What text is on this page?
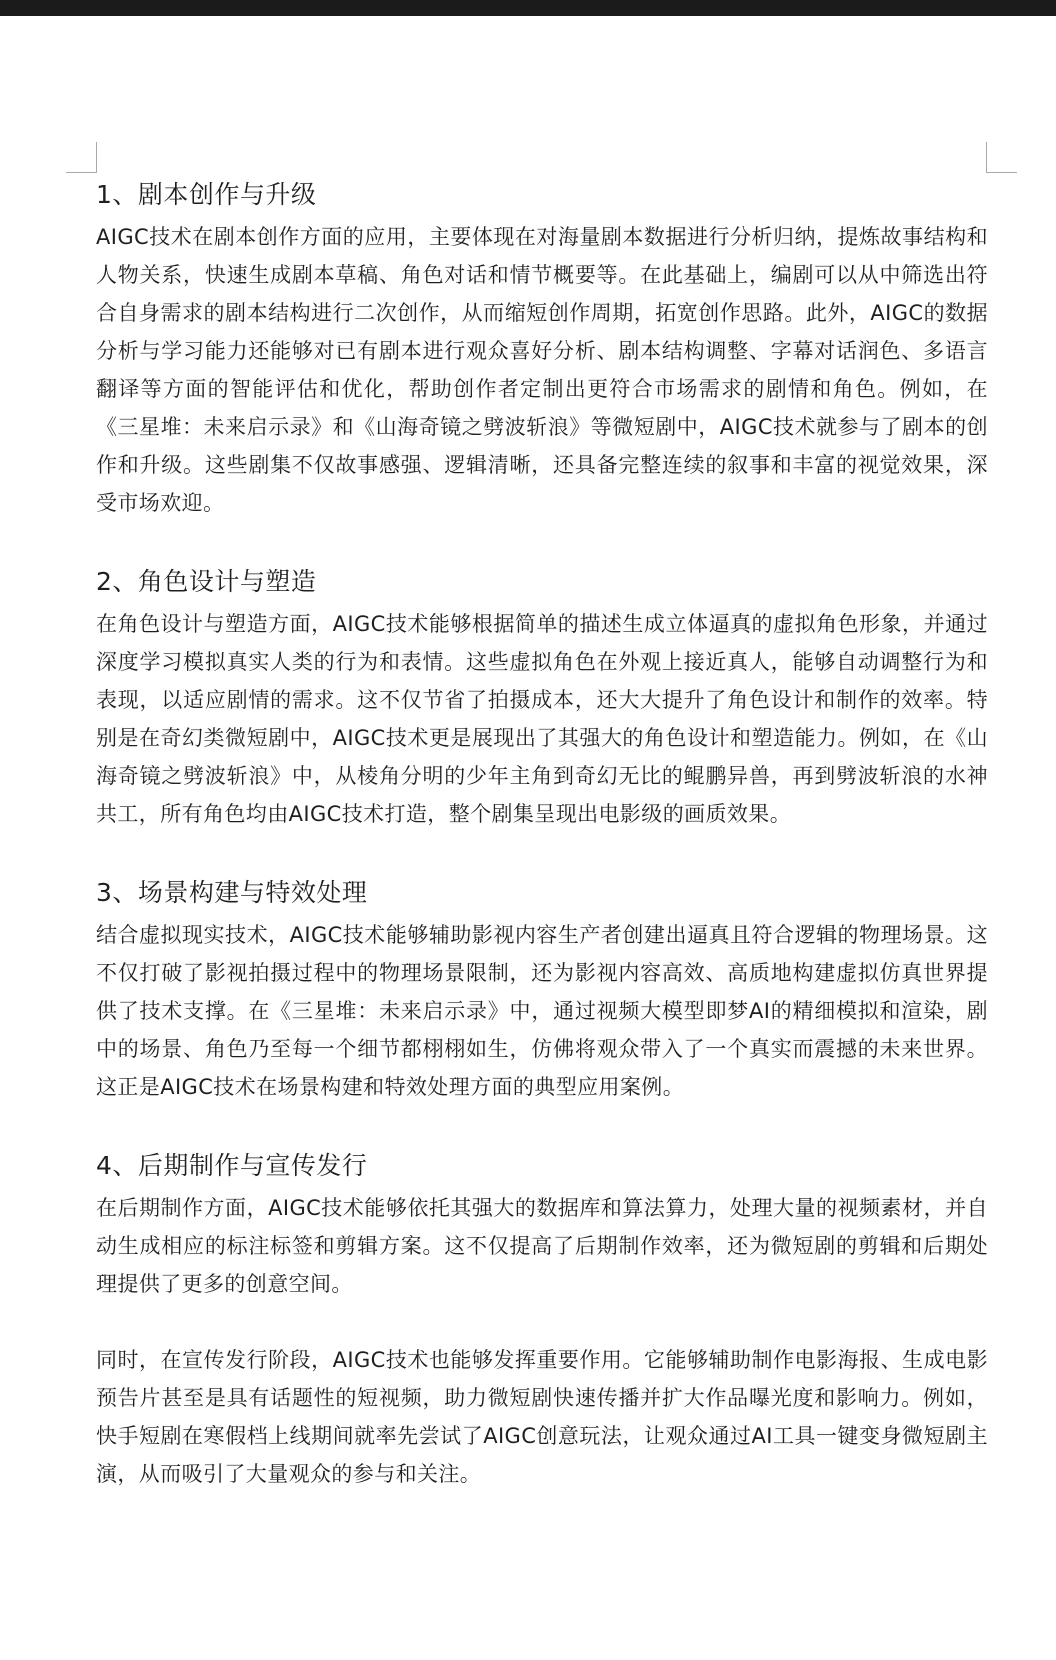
1、剧本创作与升级

AIGC技术在剧本创作方面的应用，主要体现在对海量剧本数据进行分析归纳，提炼故事结构和人物关系，快速生成剧本草稿、角色对话和情节概要等。在此基础上，编剧可以从中筛选出符合自身需求的剧本结构进行二次创作，从而缩短创作周期，拓宽创作思路。此外，AIGC的数据分析与学习能力还能够对已有剧本进行观众喜好分析、剧本结构调整、字幕对话润色、多语言翻译等方面的智能评估和优化，帮助创作者定制出更符合市场需求的剧情和角色。例如，在《三星堆：未来启示录》和《山海奇镜之劈波斩浪》等微短剧中，AIGC技术就参与了剧本的创作和升级。这些剧集不仅故事感强、逻辑清晰，还具备完整连续的叙事和丰富的视觉效果，深受市场欢迎。

2、角色设计与塑造

在角色设计与塑造方面，AIGC技术能够根据简单的描述生成立体逼真的虚拟角色形象，并通过深度学习模拟真实人类的行为和表情。这些虚拟角色在外观上接近真人，能够自动调整行为和表现，以适应剧情的需求。这不仅节省了拍摄成本，还大大提升了角色设计和制作的效率。特别是在奇幻类微短剧中，AIGC技术更是展现出了其强大的角色设计和塑造能力。例如，在《山海奇镜之劈波斩浪》中，从棱角分明的少年主角到奇幻无比的鲲鹏异兽，再到劈波斩浪的水神共工，所有角色均由AIGC技术打造，整个剧集呈现出电影级的画质效果。

3、场景构建与特效处理

结合虚拟现实技术，AIGC技术能够辅助影视内容生产者创建出逼真且符合逻辑的物理场景。这不仅打破了影视拍摄过程中的物理场景限制，还为影视内容高效、高质地构建虚拟仿真世界提供了技术支撑。在《三星堆：未来启示录》中，通过视频大模型即梦AI的精细模拟和渲染，剧中的场景、角色乃至每一个细节都栩栩如生，仿佛将观众带入了一个真实而震撼的未来世界。这正是AIGC技术在场景构建和特效处理方面的典型应用案例。

4、后期制作与宣传发行

在后期制作方面，AIGC技术能够依托其强大的数据库和算法算力，处理大量的视频素材，并自动生成相应的标注标签和剪辑方案。这不仅提高了后期制作效率，还为微短剧的剪辑和后期处理提供了更多的创意空间。

同时，在宣传发行阶段，AIGC技术也能够发挥重要作用。它能够辅助制作电影海报、生成电影预告片甚至是具有话题性的短视频，助力微短剧快速传播并扩大作品曝光度和影响力。例如，快手短剧在寒假档上线期间就率先尝试了AIGC创意玩法，让观众通过AI工具一键变身微短剧主演，从而吸引了大量观众的参与和关注。
